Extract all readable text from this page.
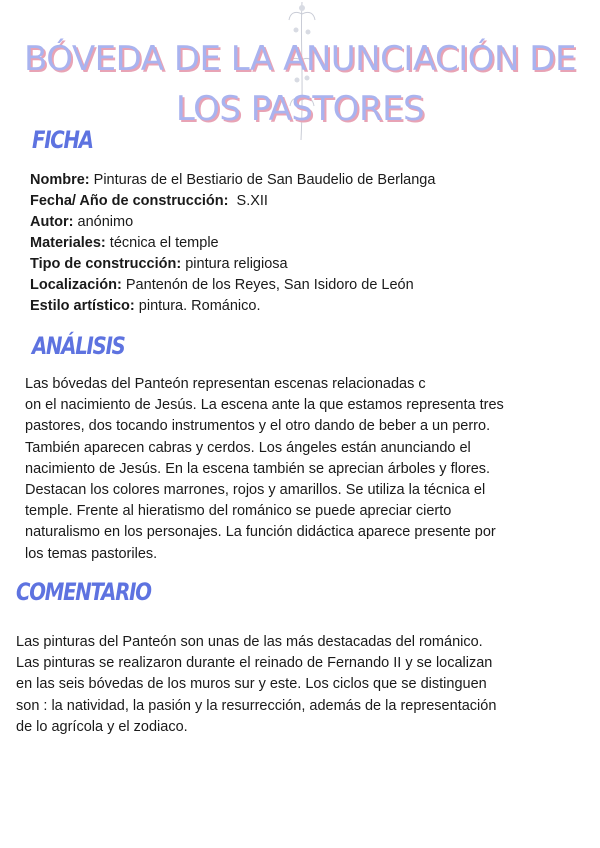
BÓVEDA DE LA ANUNCIACIÓN DE
LOS PASTORES
FICHA
Nombre: Pinturas de el Bestiario de San Baudelio de Berlanga
Fecha/ Año de construcción: S.XII
Autor: anónimo
Materiales: técnica el temple
Tipo de construcción: pintura religiosa
Localización: Pantenón de los Reyes, San Isidoro de León
Estilo artístico: pintura. Románico.
ANÁLISIS

Las bóvedas del Panteón representan escenas relacionadas c
on el nacimiento de Jesús. La escena ante la que estamos representa tres
pastores, dos tocando instrumentos y el otro dando de beber a un perro.
También aparecen cabras y cerdos. Los ángeles están anunciando el
nacimiento de Jesús. En la escena también se aprecian árboles y flores.
Destacan los colores marrones, rojos y amarillos. Se utiliza la técnica el
temple. Frente al hieratismo del románico se puede apreciar cierto
naturalismo en los personajes. La función didáctica aparece presente por
los temas pastoriles.

COMENTARIO

Las pinturas del Panteón son unas de las más destacadas del románico.
Las pinturas se realizaron durante el reinado de Fernando II y se localizan
en las seis bóvedas de los muros sur y este. Los ciclos que se distinguen
son : la natividad, la pasión y la resurrección, además de la representación
de lo agrícola y el zodiaco.
